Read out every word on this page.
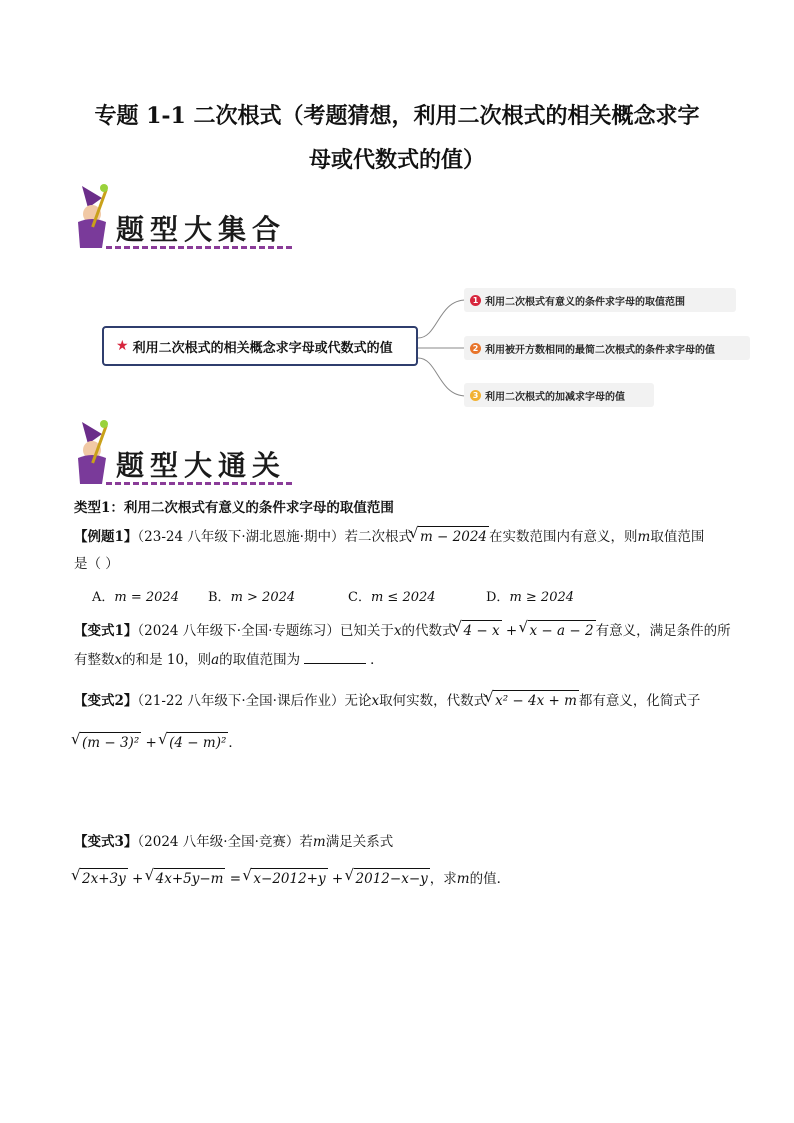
专题 1-1 二次根式（考题猜想，利用二次根式的相关概念求字
母或代数式的值）
题型大集合
★ 利用二次根式的相关概念求字母或代数式的值
1 利用二次根式有意义的条件求字母的取值范围
2 利用被开方数相同的最简二次根式的条件求字母的值
3 利用二次根式的加减求字母的值
题型大通关
类型1：利用二次根式有意义的条件求字母的取值范围
【例题1】（23-24 八年级下·湖北恩施·期中）若二次根式 √ m − 2024 在实数范围内有意义，则m取值范围
是（ ）
A．m = 2024 B．m > 2024	C．m ≤ 2024	D．m ≥ 2024
【变式1】（2024 八年级下·全国·专题练习）已知关于x的代数式 √ 4 − x + √ x − a − 2 有意义，满足条件的所
有整数x的和是 10，则a的取值范围为	．
【变式2】（21-22 八年级下·全国·课后作业）无论x取何实数，代数式 √ x² − 4x + m 都有意义，化简式子
√ (m − 3)² + √ (4 − m)² ．
【变式3】（2024 八年级·全国·竞赛）若m满足关系式
√ 2x+3y + √ 4x+5y−m = √ x−2012+y + √ 2012−x−y ，求m的值．
